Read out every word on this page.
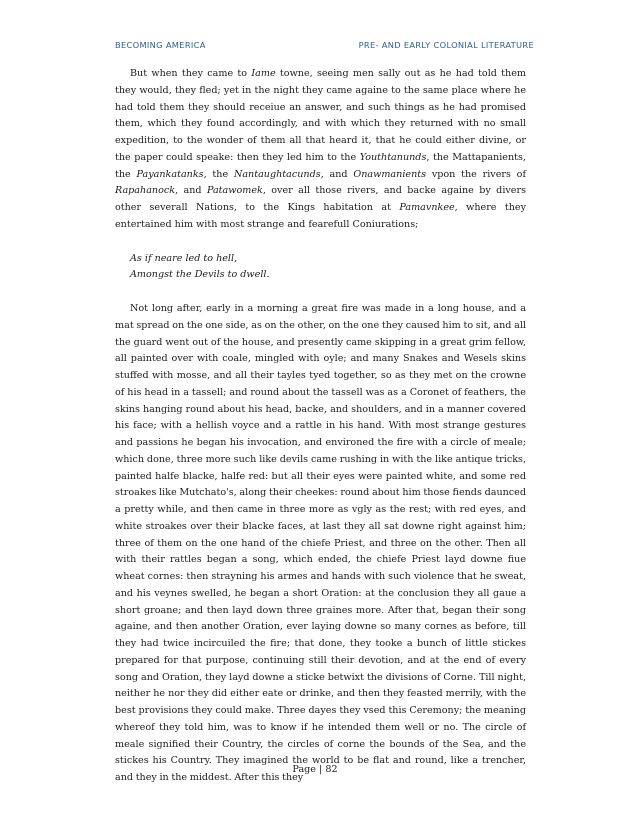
BECOMING AMERICA	PRE- AND EARLY COLONIAL LITERATURE

But when they came to Iame towne, seeing men sally out as he had told them they would, they fled; yet in the night they came againe to the same place where he had told them they should receiue an answer, and such things as he had promised them, which they found accordingly, and with which they returned with no small expedition, to the wonder of them all that heard it, that he could either divine, or the paper could speake: then they led him to the Youthtanunds, the Mattapanients, the Payankatanks, the Nantaughtacunds, and Onawmanients vpon the rivers of Rapahanock, and Patawomek, over all those rivers, and backe againe by divers other severall Nations, to the Kings habitation at Pamavnkee, where they entertained him with most strange and fearefull Coniurations;

As if neare led to hell,
Amongst the Devils to dwell.

Not long after, early in a morning a great fire was made in a long house, and a mat spread on the one side, as on the other, on the one they caused him to sit, and all the guard went out of the house, and presently came skipping in a great grim fellow, all painted over with coale, mingled with oyle; and many Snakes and Wesels skins stuffed with mosse, and all their tayles tyed together, so as they met on the crowne of his head in a tassell; and round about the tassell was as a Coronet of feathers, the skins hanging round about his head, backe, and shoulders, and in a manner covered his face; with a hellish voyce and a rattle in his hand. With most strange gestures and passions he began his invocation, and environed the fire with a circle of meale; which done, three more such like devils came rushing in with the like antique tricks, painted halfe blacke, halfe red: but all their eyes were painted white, and some red stroakes like Mutchato's, along their cheekes: round about him those fiends daunced a pretty while, and then came in three more as vgly as the rest; with red eyes, and white stroakes over their blacke faces, at last they all sat downe right against him; three of them on the one hand of the chiefe Priest, and three on the other. Then all with their rattles began a song, which ended, the chiefe Priest layd downe fiue wheat cornes: then strayning his armes and hands with such violence that he sweat, and his veynes swelled, he began a short Oration: at the conclusion they all gaue a short groane; and then layd down three graines more. After that, began their song againe, and then another Oration, ever laying downe so many cornes as before, till they had twice incircuiled the fire; that done, they tooke a bunch of little stickes prepared for that purpose, continuing still their devotion, and at the end of every song and Oration, they layd downe a sticke betwixt the divisions of Corne. Till night, neither he nor they did either eate or drinke, and then they feasted merrily, with the best provisions they could make. Three dayes they vsed this Ceremony; the meaning whereof they told him, was to know if he intended them well or no. The circle of meale signified their Country, the circles of corne the bounds of the Sea, and the stickes his Country. They imagined the world to be flat and round, like a trencher, and they in the middest. After this they

Page | 82
